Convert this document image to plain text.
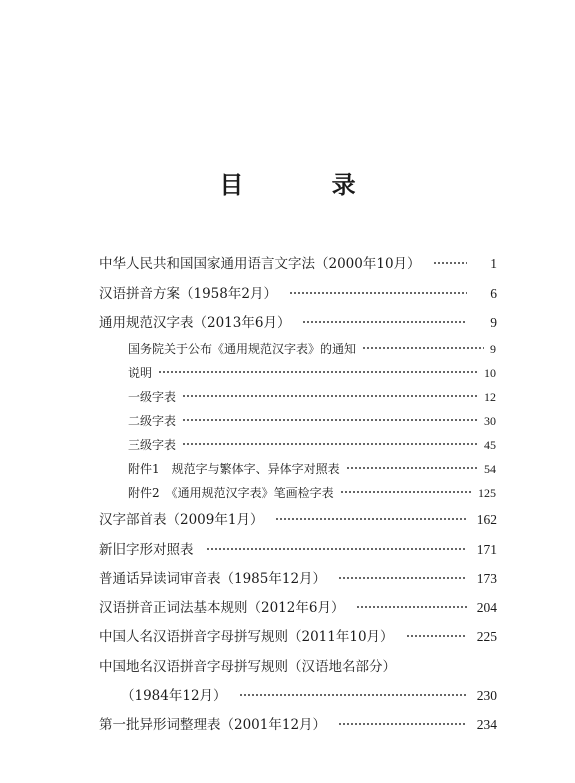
目 录
中华人民共和国国家通用语言文字法（2000年10月）	1
汉语拼音方案（1958年2月）	6
通用规范汉字表（2013年6月）	9
国务院关于公布《通用规范汉字表》的通知	9
说明	10
一级字表	12
二级字表	30
三级字表	45
附件1　规范字与繁体字、异体字对照表	54
附件2　《通用规范汉字表》笔画检字表	125
汉字部首表（2009年1月）	162
新旧字形对照表	171
普通话异读词审音表（1985年12月）	173
汉语拼音正词法基本规则（2012年6月）	204
中国人名汉语拼音字母拼写规则（2011年10月）	225
中国地名汉语拼音字母拼写规则（汉语地名部分）
（1984年12月）	230
第一批异形词整理表（2001年12月）	234
